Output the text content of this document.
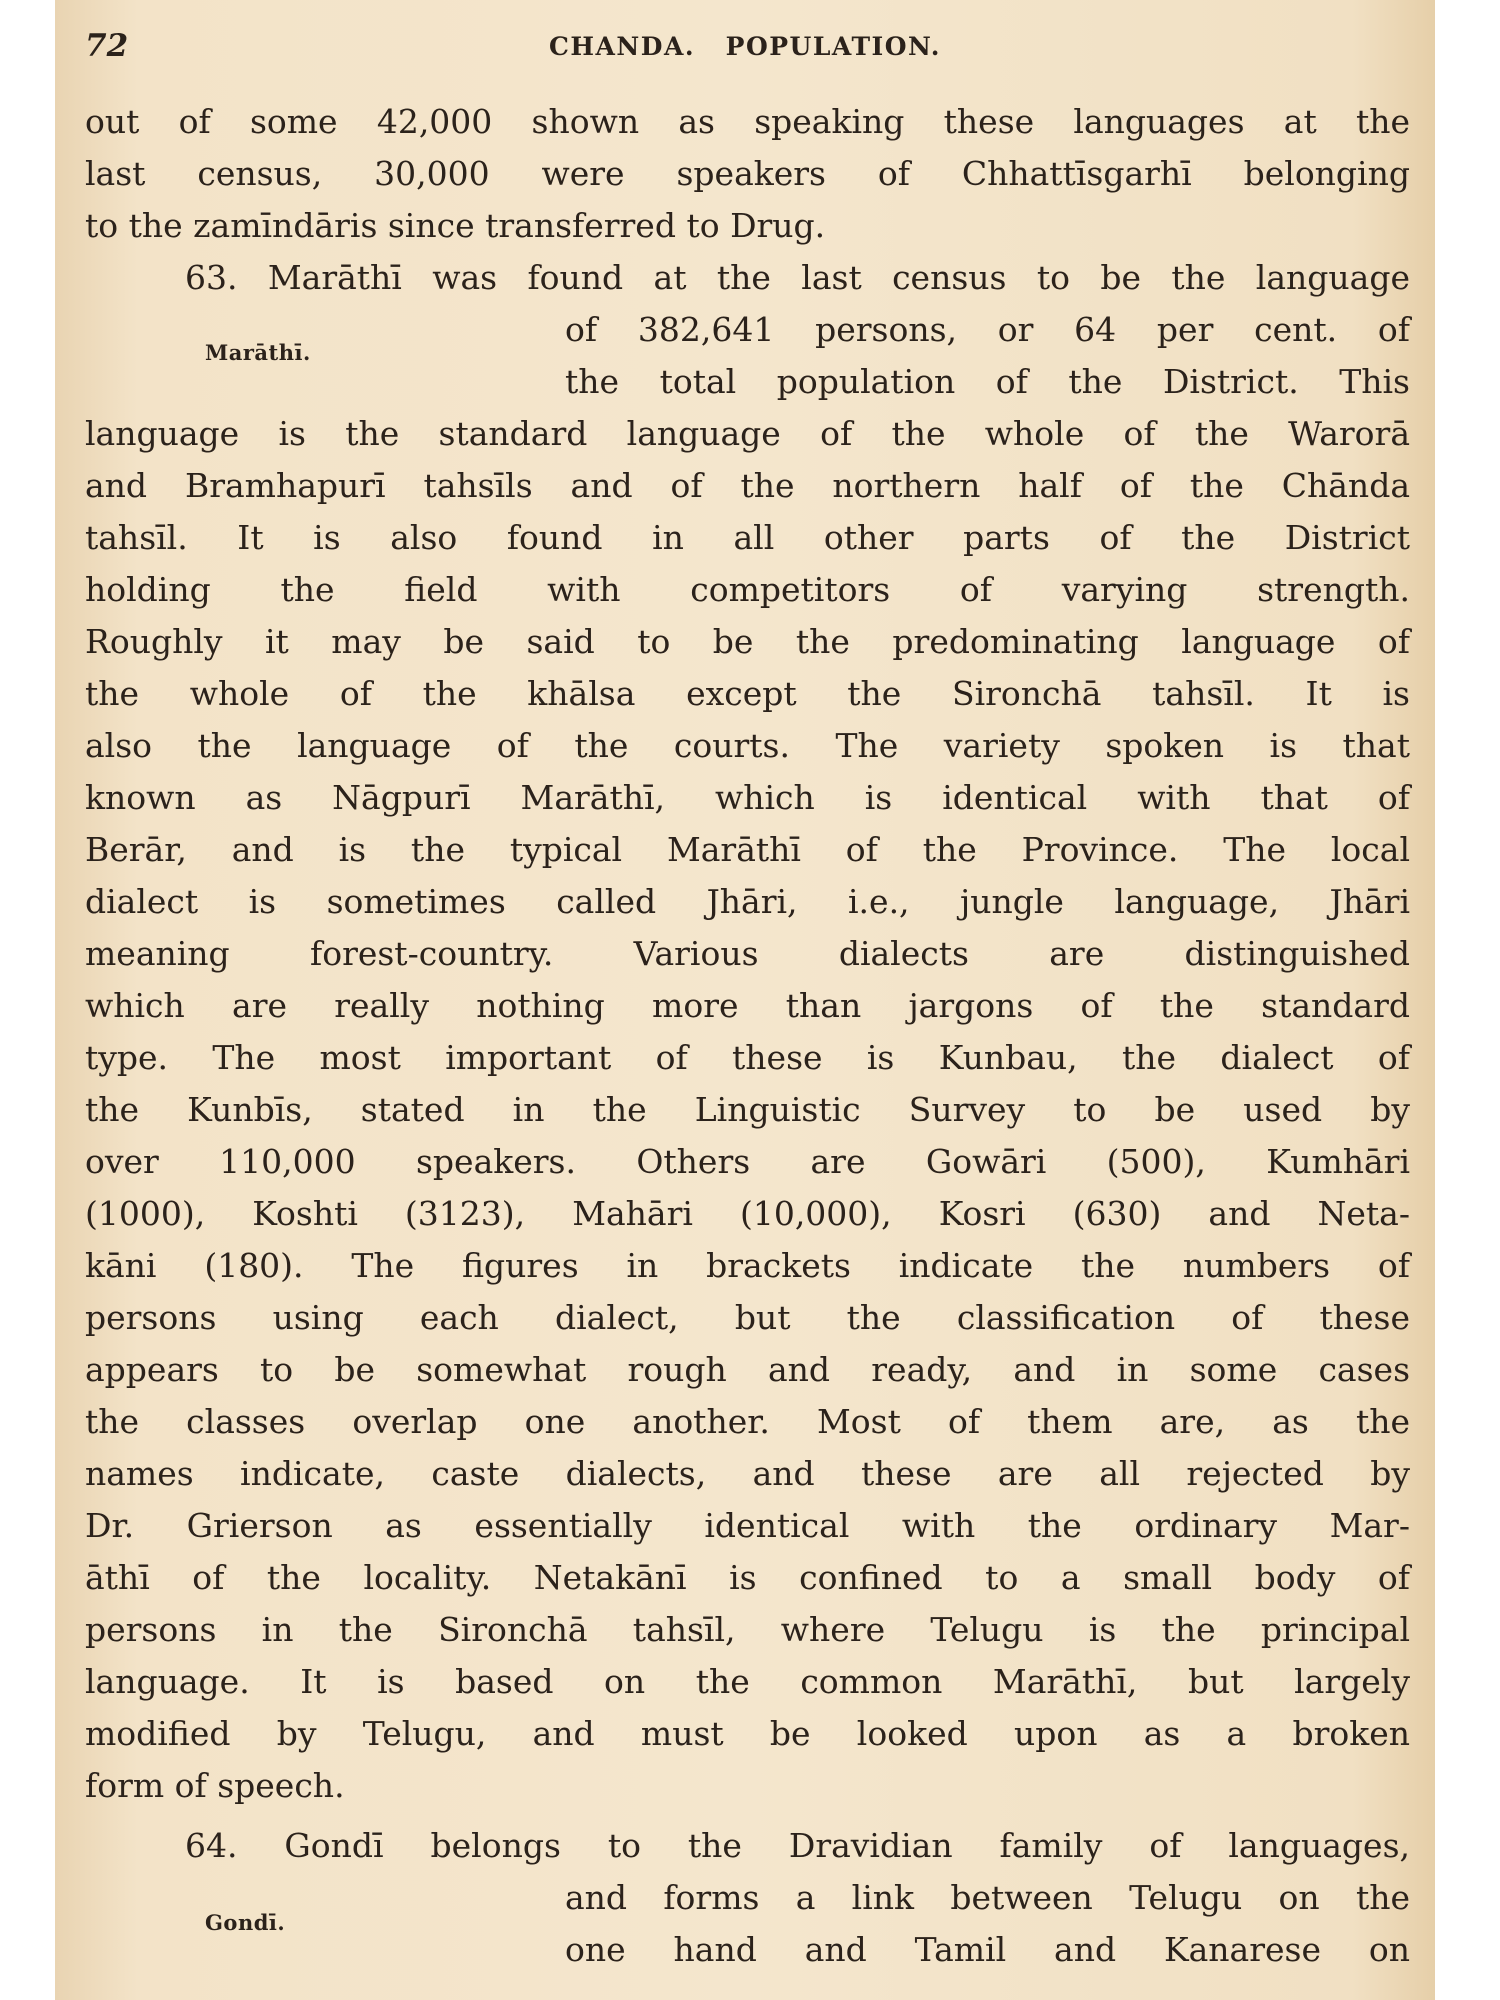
72	CHANDA.   POPULATION.
Marāthī.
Gondī.
out of some 42,000 shown as speaking these languages at the
last census, 30,000 were speakers of Chhattīsgarhī belonging
to the zamīndāris since transferred to Drug.
63. Marāthī was found at the last census to be the language
of 382,641 persons, or 64 per cent. of
the total population of the District. This
language is the standard language of the whole of the Warorā
and Bramhapurī tahsīls and of the northern half of the Chānda
tahsīl. It is also found in all other parts of the District
holding the field with competitors of varying strength.
Roughly it may be said to be the predominating language of
the whole of the khālsa except the Sironchā tahsīl. It is
also the language of the courts. The variety spoken is that
known as Nāgpurī Marāthī, which is identical with that of
Berār, and is the typical Marāthī of the Province. The local
dialect is sometimes called Jhāri, i.e., jungle language, Jhāri
meaning forest-country. Various dialects are distinguished
which are really nothing more than jargons of the standard
type. The most important of these is Kunbau, the dialect of
the Kunbīs, stated in the Linguistic Survey to be used by
over 110,000 speakers. Others are Gowāri (500), Kumhāri
(1000), Koshti (3123), Mahāri (10,000), Kosri (630) and Neta-
kāni (180). The figures in brackets indicate the numbers of
persons using each dialect, but the classification of these
appears to be somewhat rough and ready, and in some cases
the classes overlap one another. Most of them are, as the
names indicate, caste dialects, and these are all rejected by
Dr. Grierson as essentially identical with the ordinary Mar-
āthī of the locality. Netakānī is confined to a small body of
persons in the Sironchā tahsīl, where Telugu is the principal
language. It is based on the common Marāthī, but largely
modified by Telugu, and must be looked upon as a broken
form of speech.
64. Gondī belongs to the Dravidian family of languages,
and forms a link between Telugu on the
one hand and Tamil and Kanarese on
